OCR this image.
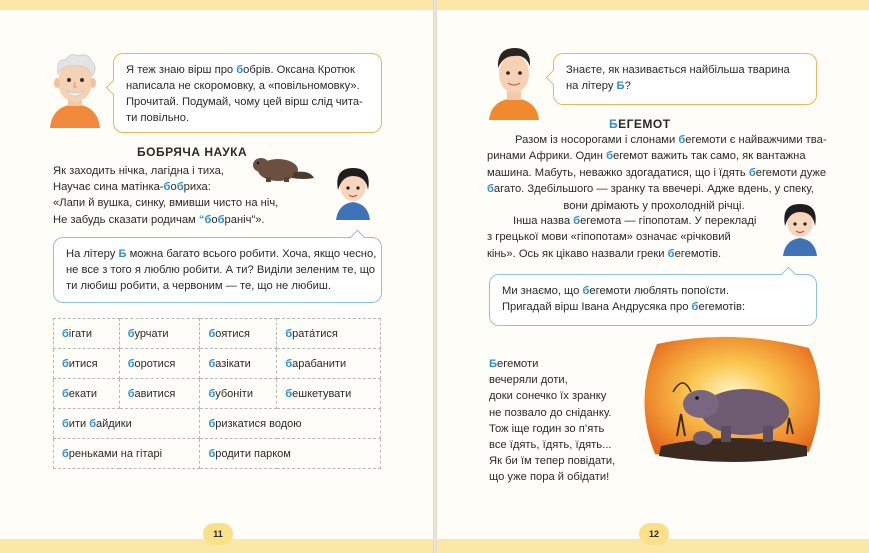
Я теж знаю вірш про бобрів. Оксана Кротюк
написала не скоромовку, а «повільномовку».
Прочитай. Подумай, чому цей вірш слід чита-
ти повільно.
БОБРЯЧА НАУКА
Як заходить нічка, лагідна і тиха,
Научає сина матінка-бобриха:
«Лапи й вушка, синку, вмивши чисто на ніч,
Не забудь сказати родичам “бобраніч”».
На літеру Б можна багато всього робити. Хоча, якщо чесно,
не все з того я люблю робити. А ти? Виділи зеленим те, що
ти любиш робити, а червоним — те, що не любиш.
бігати	бурчати	боятися	брата́тися
битися	боротися	базікати	барабанити
бекати	бавитися	бубоніти	бешкетувати
бити байдики		бризкатися водою	
бреньками на гітарі		бродити парком	
11
Знаєте, як називається найбільша тварина
на літеру Б?
БЕГЕМОТ
Разом із носорогами і слонами бегемоти є найважчими тва-
ринами Африки. Один бегемот важить так само, як вантажна
машина. Мабуть, неважко здогадатися, що і їдять бегемоти дуже
багато. Здебільшого — зранку та ввечері. Адже вдень, у спеку,
вони дрімають у прохолодній річці.
Інша назва бегемота — гіпопотам. У перекладі
з грецької мови «гіпопотам» означає «річковий
кінь». Ось як цікаво назвали греки бегемотів.
Ми знаємо, що бегемоти люблять попоїсти.
Пригадай вірш Івана Андрусяка про бегемотів:
Бегемоти
вечеряли доти,
доки сонечко їх зранку
не позвало до сніданку.
Тож іще годин зо п’ять
все їдять, їдять, їдять...
Як би їм тепер повідати,
що уже пора й обідати!
12
